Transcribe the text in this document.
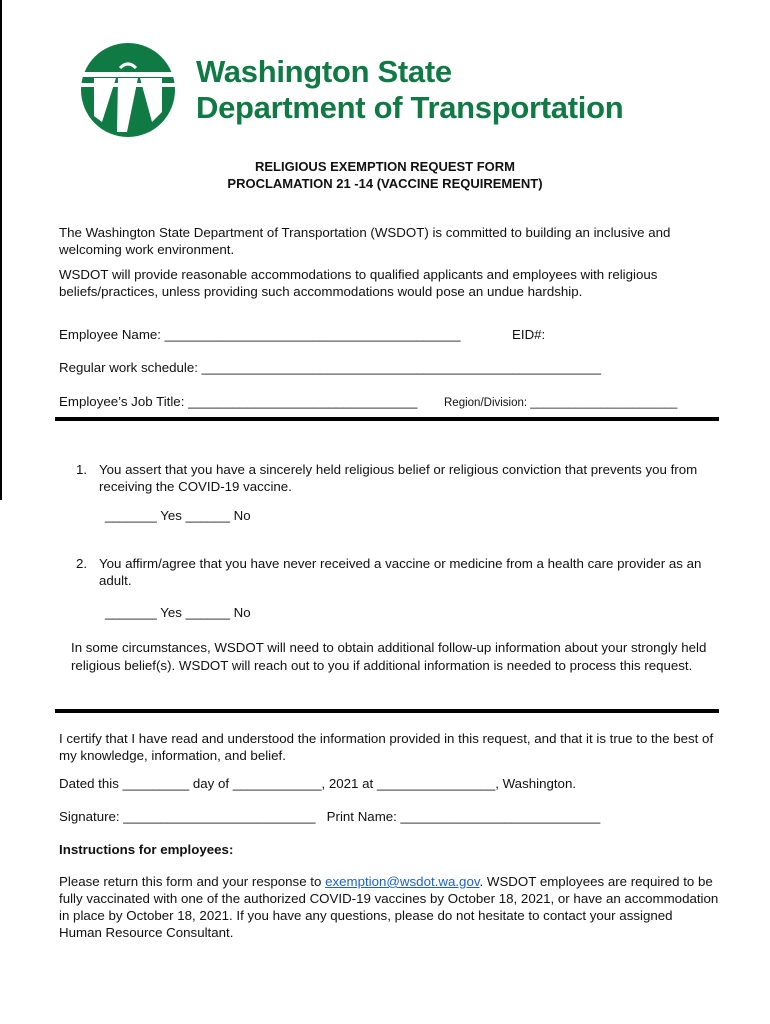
Washington State
Department of Transportation
RELIGIOUS EXEMPTION REQUEST FORM
PROCLAMATION 21 -14 (VACCINE REQUIREMENT)
The Washington State Department of Transportation (WSDOT) is committed to building an inclusive and welcoming work environment.
WSDOT will provide reasonable accommodations to qualified applicants and employees with religious beliefs/practices, unless providing such accommodations would pose an undue hardship.
Employee Name: ________________________________________	EID#:
Regular work schedule: ______________________________________________________
Employee’s Job Title: _______________________________ Region/Division: _______________________
1. You assert that you have a sincerely held religious belief or religious conviction that prevents you from receiving the COVID-19 vaccine.
_______ Yes ______ No
2. You affirm/agree that you have never received a vaccine or medicine from a health care provider as an adult.
_______ Yes ______ No
In some circumstances, WSDOT will need to obtain additional follow-up information about your strongly held religious belief(s). WSDOT will reach out to you if additional information is needed to process this request.
I certify that I have read and understood the information provided in this request, and that it is true to the best of my knowledge, information, and belief.
Dated this _________ day of ____________, 2021 at ________________, Washington.
Signature: __________________________   Print Name: ___________________________
Instructions for employees:
Please return this form and your response to exemption@wsdot.wa.gov. WSDOT employees are required to be fully vaccinated with one of the authorized COVID-19 vaccines by October 18, 2021, or have an accommodation in place by October 18, 2021. If you have any questions, please do not hesitate to contact your assigned Human Resource Consultant.
